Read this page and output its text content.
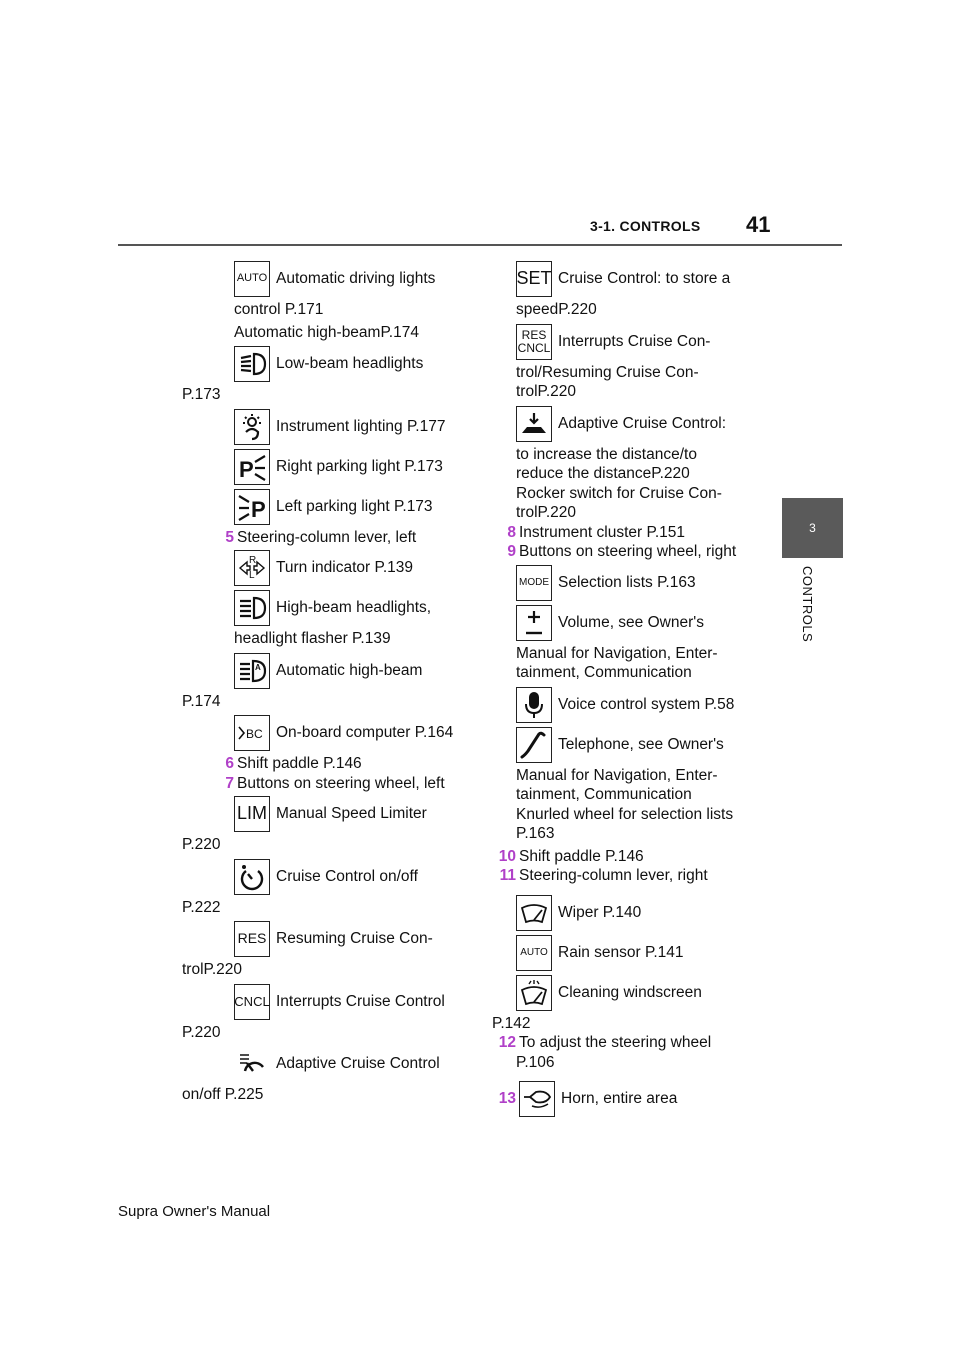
3-1. CONTROLS 41
3
CONTROLS
AUTO Automatic driving lights
control P.171
Automatic high-beamP.174
Low-beam headlights
P.173
Instrument lighting P.177
P Right parking light P.173
P Left parking light P.173
5 Steering-column lever, left
R
L Turn indicator P.139
High-beam headlights,
headlight flasher P.139
A Automatic high-beam
P.174
BC On-board computer P.164
6 Shift paddle P.146
7 Buttons on steering wheel, left
LIM Manual Speed Limiter
P.220
Cruise Control on/off
P.222
RES Resuming Cruise Con-
trolP.220
CNCL Interrupts Cruise Control
P.220
Adaptive Cruise Control
on/off P.225
SET Cruise Control: to store a
speedP.220
RES
CNCL Interrupts Cruise Con-
trol/Resuming Cruise Con-
trolP.220
Adaptive Cruise Control:
to increase the distance/to
reduce the distanceP.220
Rocker switch for Cruise Con-
trolP.220
8 Instrument cluster P.151
9 Buttons on steering wheel, right
MODE Selection lists P.163
Volume, see Owner's
Manual for Navigation, Enter-
tainment, Communication
Voice control system P.58
Telephone, see Owner's
Manual for Navigation, Enter-
tainment, Communication
Knurled wheel for selection lists
P.163
10 Shift paddle P.146
11 Steering-column lever, right
Wiper P.140
AUTO Rain sensor P.141
Cleaning windscreen
P.142
12 To adjust the steering wheel
P.106
13	Horn, entire area
Supra Owner's Manual
